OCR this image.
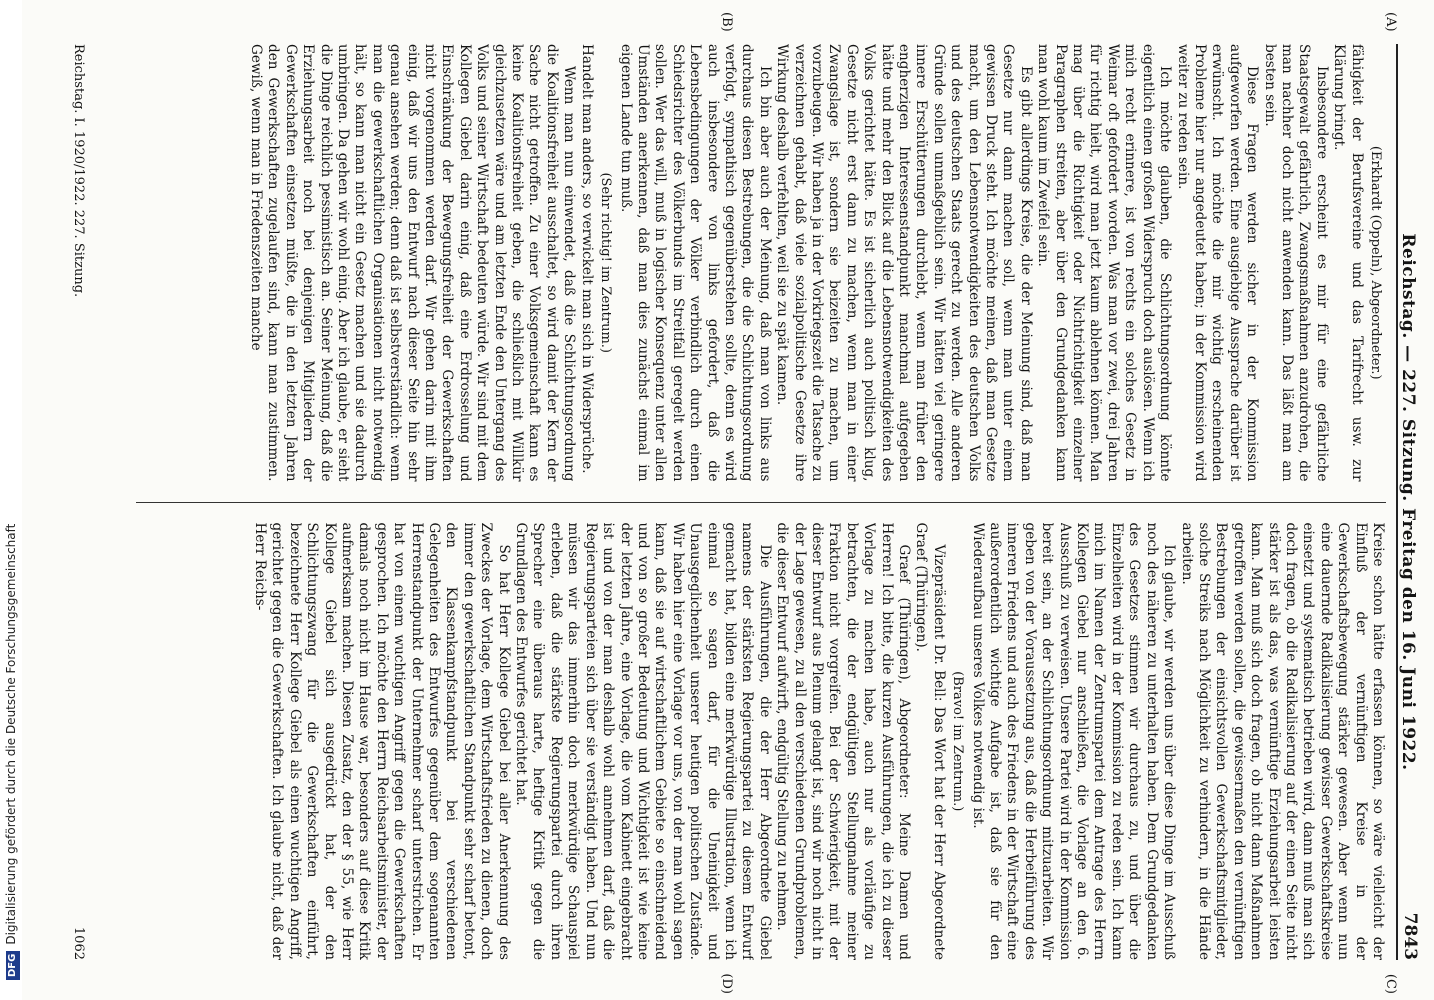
Reichstag. — 227. Sitzung. Freitag den 16. Juni 1922.
7843

(Erkhardt (Oppeln), Abgeordneter.)

fähigkeit der Berufsvereine und das Tarifrecht usw. zur Klärung bringt.

Insbesondere erscheint es mir für eine gefährliche Staatsgewalt gefährlich, Zwangsmaßnahmen anzudrohen, die man nachher doch nicht anwenden kann. Das läßt man am besten sein.

Diese Fragen werden sicher in der Kommission aufgeworfen werden. Eine ausgiebige Aussprache darüber ist erwünscht. Ich möchte die mir wichtig erscheinenden Probleme hier nur angedeutet haben; in der Kommission wird weiter zu reden sein.

Ich möchte glauben, die Schlichtungsordnung könnte eigentlich einen großen Widerspruch doch auslösen. Wenn ich mich recht erinnere, ist von rechts ein solches Gesetz in Weimar oft gefordert worden. Was man vor zwei, drei Jahren für richtig hielt, wird man jetzt kaum ablehnen können. Man mag über die Richtigkeit oder Nichtrichtigkeit einzelner Paragraphen streiten, aber über den Grundgedanken kann man wohl kaum im Zweifel sein.

Es gibt allerdings Kreise, die der Meinung sind, daß man Gesetze nur dann machen soll, wenn man unter einem gewissen Druck steht. Ich möchte meinen, daß man Gesetze macht, um den Lebensnotwendigkeiten des deutschen Volks und des deutschen Staats gerecht zu werden. Alle anderen Gründe sollen unmaßgeblich sein. Wir hätten viel geringere innere Erschütterungen durchlebt, wenn man früher den engherzigen Interessenstandpunkt manchmal aufgegeben hätte und mehr den Blick auf die Lebensnotwendigkeiten des Volks gerichtet hätte. Es ist sicherlich auch politisch klug, Gesetze nicht erst dann zu machen, wenn man in einer Zwangslage ist, sondern sie beizeiten zu machen, um vorzubeugen. Wir haben ja in der Vorkriegszeit die Tatsache zu verzeichnen gehabt, daß viele sozialpolitische Gesetze ihre Wirkung deshalb verfehlten, weil sie zu spät kamen.

Ich bin aber auch der Meinung, daß man von links aus durchaus diesen Bestrebungen, die die Schlichtungsordnung verfolgt, sympathisch gegenüberstehen sollte, denn es wird auch insbesondere von links gefordert, daß die Lebensbedingungen der Völker verbindlich durch einen Schiedsrichter des Völkerbunds im Streitfall geregelt werden sollen. Wer das will, muß in logischer Konsequenz unter allen Umständen anerkennen, daß man dies zunächst einmal im eigenen Lande tun muß.

(Sehr richtig! im Zentrum.)

Handelt man anders, so verwickelt man sich in Widersprüche.

Wenn man nun einwendet, daß die Schlichtungsordnung die Koalitionsfreiheit ausschaltet, so wird damit der Kern der Sache nicht getroffen. Zu einer Volksgemeinschaft kann es keine Koalitionsfreiheit geben, die schließlich mit Willkür gleichzusetzen wäre und am letzten Ende den Untergang des Volks und seiner Wirtschaft bedeuten würde. Wir sind mit dem Kollegen Giebel darin einig, daß eine Erdrosselung und Einschränkung der Bewegungsfreiheit der Gewerkschaften nicht vorgenommen werden darf. Wir gehen darin mit ihm einig, daß wir uns den Entwurf nach dieser Seite hin sehr genau ansehen werden; denn daß ist selbstverständlich: wenn man die gewerkschaftlichen Organisationen nicht notwendig hält, so kann man nicht ein Gesetz machen und sie dadurch umbringen. Da gehen wir wohl einig. Aber ich glaube, er sieht die Dinge reichlich pessimistisch an. Seiner Meinung, daß die Erziehungsarbeit noch bei denjenigen Mitgliedern der Gewerkschaften einsetzen müßte, die in den letzten Jahren den Gewerkschaften zugelaufen sind, kann man zustimmen. Gewiß, wenn man in Friedenszeiten manche

Kreise schon hätte erfassen können, so wäre vielleicht der Einfluß der vernünftigen Kreise in der Gewerkschaftsbewegung stärker gewesen. Aber wenn nun eine dauernde Radikalisierung gewisser Gewerkschaftskreise einsetzt und systematisch betrieben wird, dann muß man sich doch fragen, ob die Radikalisierung auf der einen Seite nicht stärker ist als das, was vernünftige Erziehungsarbeit leisten kann. Man muß sich doch fragen, ob nicht dann Maßnahmen getroffen werden sollen, die gewissermaßen den vernünftigen Bestrebungen der einsichtsvollen Gewerkschaftsmitglieder, solche Streiks nach Möglichkeit zu verhindern, in die Hände arbeiten.

Ich glaube, wir werden uns über diese Dinge im Ausschuß noch des näheren zu unterhalten haben. Dem Grundgedanken des Gesetzes stimmen wir durchaus zu, und über die Einzelheiten wird in der Kommission zu reden sein. Ich kann mich im Namen der Zentrumspartei dem Antrage des Herrn Kollegen Giebel nur anschließen, die Vorlage an den 6. Ausschuß zu verweisen. Unsere Partei wird in der Kommission bereit sein, an der Schlichtungsordnung mitzuarbeiten. Wir geben von der Voraussetzung aus, daß die Herbeiführung des inneren Friedens und auch des Friedens in der Wirtschaft eine außerordentlich wichtige Aufgabe ist, daß sie für den Wiederaufbau unseres Volkes notwendig ist.

(Bravo! im Zentrum.)

Vizepräsident Dr. Bell: Das Wort hat der Herr Abgeordnete Graef (Thüringen).

Graef (Thüringen), Abgeordneter: Meine Damen und Herren! Ich bitte, die kurzen Ausführungen, die ich zu dieser Vorlage zu machen habe, auch nur als vorläufige zu betrachten, die der endgültigen Stellungnahme meiner Fraktion nicht vorgreifen. Bei der Schwierigkeit, mit der dieser Entwurf aus Plenum gelangt ist, sind wir noch nicht in der Lage gewesen, zu all den verschiedenen Grundproblemen, die dieser Entwurf aufwirft, endgültig Stellung zu nehmen.

Die Ausführungen, die der Herr Abgeordnete Giebel namens der stärksten Regierungspartei zu diesem Entwurf gemacht hat, bilden eine merkwürdige Illustration, wenn ich einmal so sagen darf, für die Uneinigkeit und Unausgeglichenheit unserer heutigen politischen Zustände. Wir haben hier eine Vorlage vor uns, von der man wohl sagen kann, daß sie auf wirtschaftlichem Gebiete so einschneidend und von so großer Bedeutung und Wichtigkeit ist wie keine der letzten Jahre, eine Vorlage, die vom Kabinett eingebracht ist und von der man deshalb wohl annehmen darf, daß die Regierungsparteien sich über sie verständigt haben. Und nun müssen wir das immerhin doch merkwürdige Schauspiel erleben, daß die stärkste Regierungspartei durch ihren Sprecher eine überaus harte, heftige Kritik gegen die Grundlagen des Entwurfes gerichtet hat.

So hat Herr Kollege Giebel bei aller Anerkennung des Zweckes der Vorlage, dem Wirtschaftsfrieden zu dienen, doch immer den gewerkschaftlichen Standpunkt sehr scharf betont, den Klassenkampfstandpunkt bei verschiedenen Gelegenheiten des Entwurfes gegenüber dem sogenannten Herrenstandpunkt der Unternehmer scharf unterstrichen. Er hat von einem wuchtigen Angriff gegen die Gewerkschaften gesprochen. Ich möchte den Herrn Reichsarbeitsminister, der damals noch nicht im Hause war, besonders auf diese Kritik aufmerksam machen. Diesen Zusatz, den der § 55, wie Herr Kollege Giebel sich ausgedrückt hat, der den Schlichtungszwang für die Gewerkschaften einführt, bezeichnete Herr Kollege Giebel als einen wuchtigen Angriff, gerichtet gegen die Gewerkschaften. Ich glaube nicht, daß der Herr Reichs-

(A)
(B)
(C)
(D)
Reichstag. I. 1920/1922. 227. Sitzung.
1062
DFGDigitalisierung gefördert durch die Deutsche Forschungsgemeinschaft
